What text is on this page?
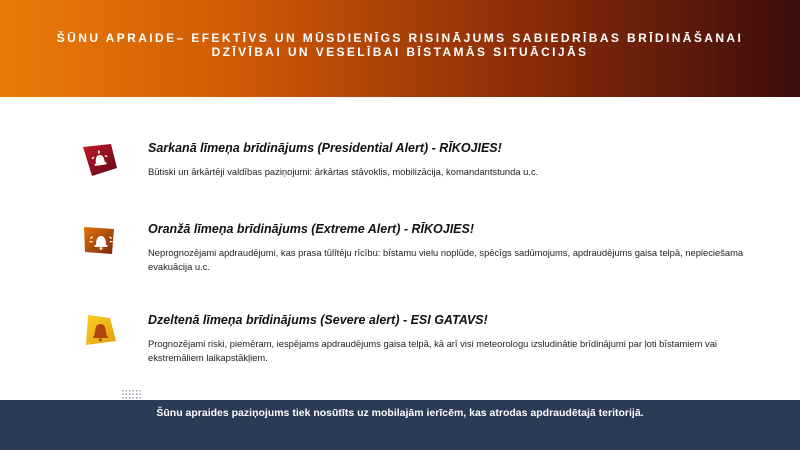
ŠŪNU APRAIDE– EFEKTĪVS UN MŪSDIENĪGS RISINĀJUMS SABIEDRĪBAS BRĪDINĀŠANAI
DZĪVĪBAI UN VESELĪBAI BĪSTAMĀS SITUĀCIJĀS
Sarkanā līmeņa brīdinājums (Presidential Alert) - RĪKOJIES!
Būtiski un ārkārtēji valdības paziņojumi: ārkārtas stāvoklis, mobilizācija, komandantstunda u.c.
Oranžā līmeņa brīdinājums (Extreme Alert) - RĪKOJIES!
Neprognozējami apdraudējumi, kas prasa tūlītēju rīcību: bīstamu vielu noplūde, spēcīgs sadūmojums, apdraudējums gaisa telpā, nepieciešama evakuācija u.c.
Dzeltenā līmeņa brīdinājums (Severe alert) - ESI GATAVS!
Prognozējami riski, piemēram, iespējams apdraudējums gaisa telpā, kā arī visi meteorologu izsludinātie brīdinājumi par ļoti bīstamiem vai ekstremāliem laikapstākļiem.
Šūnu apraides paziņojums tiek nosūtīts uz mobilajām ierīcēm, kas atrodas apdraudētajā teritorijā.
